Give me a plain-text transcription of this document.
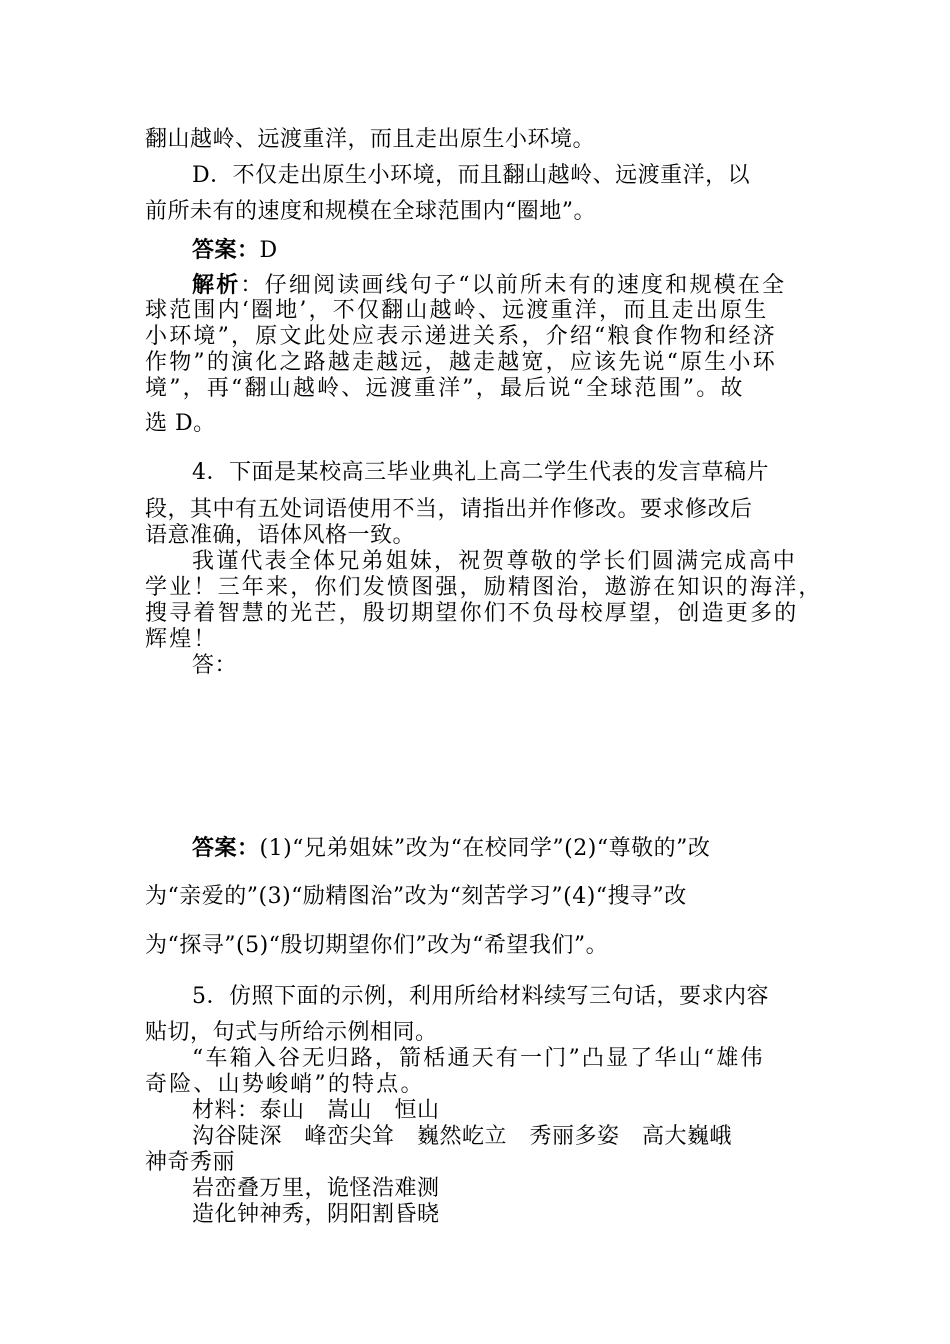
翻山越岭、远渡重洋，而且走出原生小环境。
D．不仅走出原生小环境，而且翻山越岭、远渡重洋，以
前所未有的速度和规模在全球范围内“圈地”。
答案：D
解析：仔细阅读画线句子“以前所未有的速度和规模在全
球范围内‘圈地’，不仅翻山越岭、远渡重洋，而且走出原生
小环境”，原文此处应表示递进关系，介绍“粮食作物和经济
作物”的演化之路越走越远，越走越宽，应该先说“原生小环
境”，再“翻山越岭、远渡重洋”，最后说“全球范围”。故
选 D。
4．下面是某校高三毕业典礼上高二学生代表的发言草稿片
段，其中有五处词语使用不当，请指出并作修改。要求修改后
语意准确，语体风格一致。
我谨代表全体兄弟姐妹，祝贺尊敬的学长们圆满完成高中
学业！三年来，你们发愤图强，励精图治，遨游在知识的海洋，
搜寻着智慧的光芒，殷切期望你们不负母校厚望，创造更多的
辉煌！
答：
答案：(1)“兄弟姐妹”改为“在校同学”(2)“尊敬的”改
为“亲爱的”(3)“励精图治”改为“刻苦学习”(4)“搜寻”改
为“探寻”(5)“殷切期望你们”改为“希望我们”。
5．仿照下面的示例，利用所给材料续写三句话，要求内容
贴切，句式与所给示例相同。
“车箱入谷无归路，箭栝通天有一门”凸显了华山“雄伟
奇险、山势峻峭”的特点。
材料：泰山　嵩山　恒山
沟谷陡深　峰峦尖耸　巍然屹立　秀丽多姿　高大巍峨
神奇秀丽
岩峦叠万里，诡怪浩难测
造化钟神秀，阴阳割昏晓
